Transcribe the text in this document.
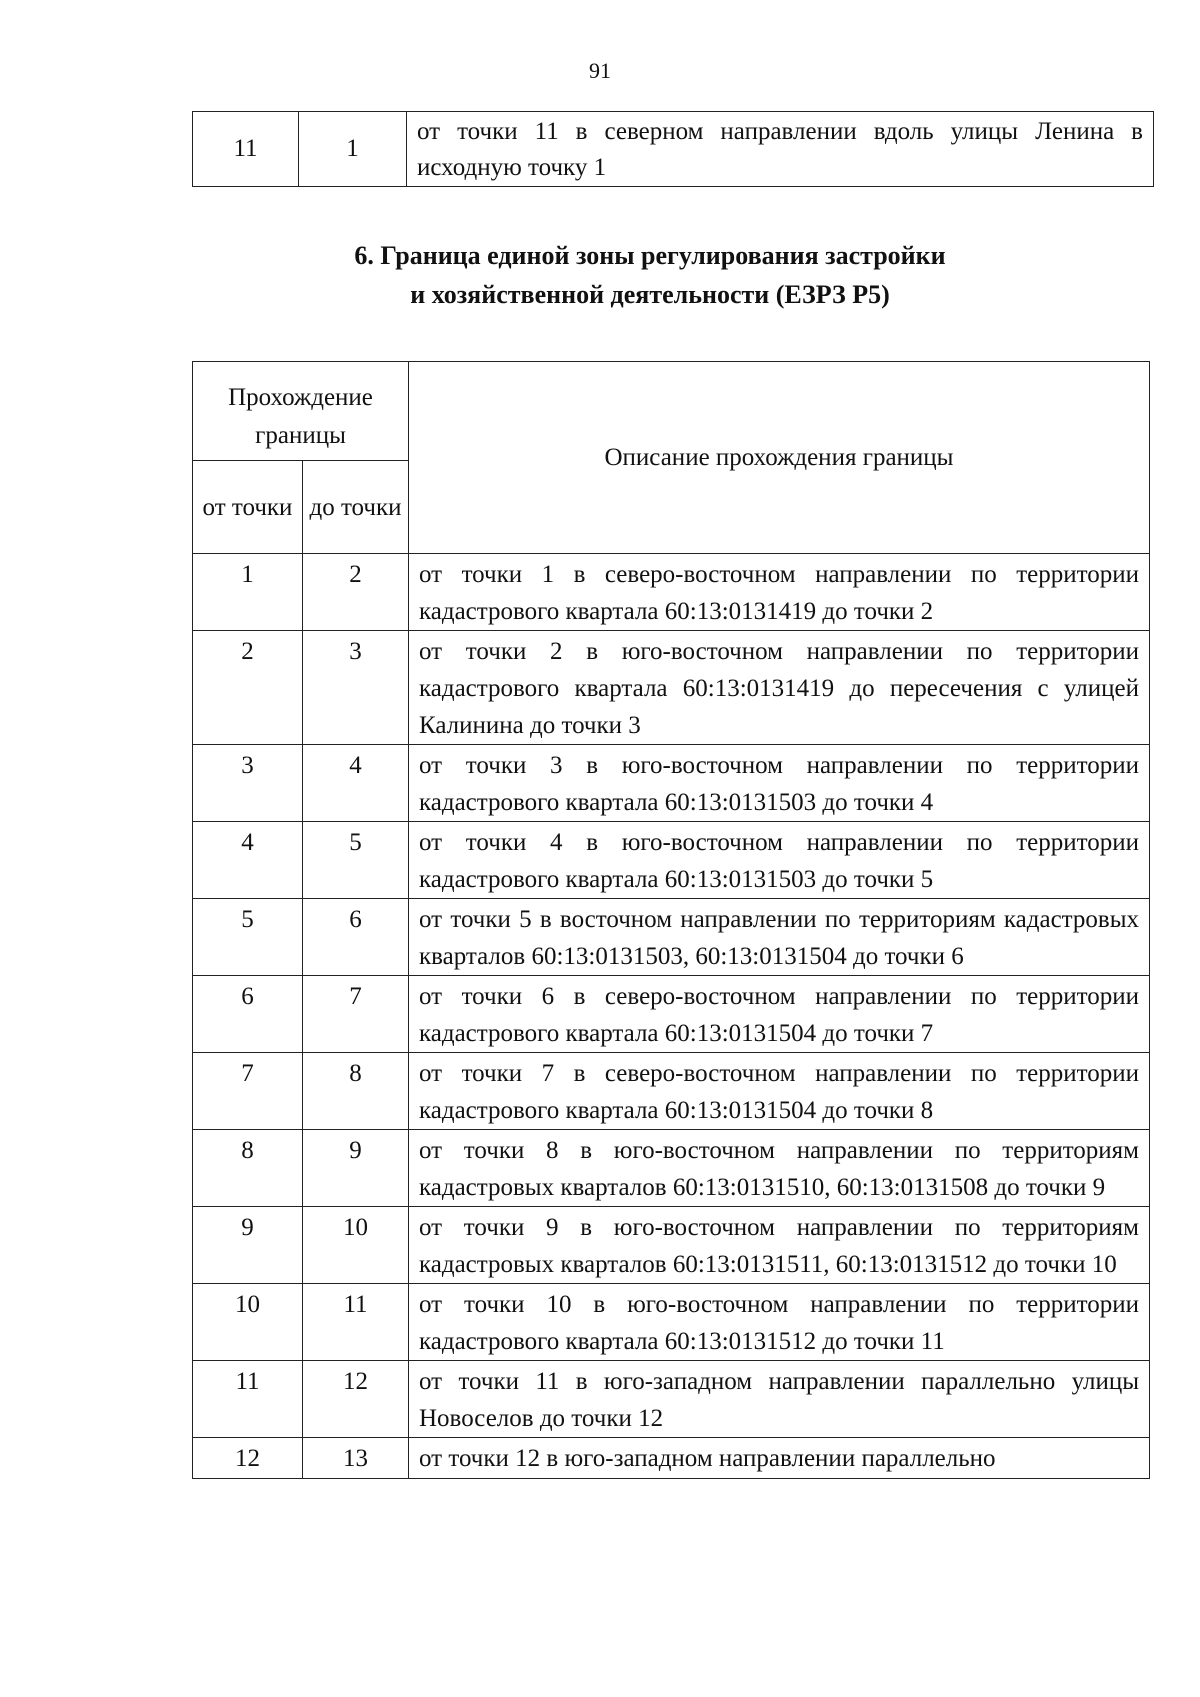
91
11	1	от точки 11 в северном направлении вдоль улицы Ленина в исходную точку 1
6. Граница единой зоны регулирования застройки
и хозяйственной деятельности (ЕЗРЗ Р5)
Прохождение границы		Описание прохождения границы
от точки	до точки	
1	2	от точки 1 в северо-восточном направлении по территории кадастрового квартала 60:13:0131419 до точки 2
2	3	от точки 2 в юго-восточном направлении по территории кадастрового квартала 60:13:0131419 до пересечения с улицей Калинина до точки 3
3	4	от точки 3 в юго-восточном направлении по территории кадастрового квартала 60:13:0131503 до точки 4
4	5	от точки 4 в юго-восточном направлении по территории кадастрового квартала 60:13:0131503 до точки 5
5	6	от точки 5 в восточном направлении по территориям кадастровых кварталов 60:13:0131503, 60:13:0131504 до точки 6
6	7	от точки 6 в северо-восточном направлении по территории кадастрового квартала 60:13:0131504 до точки 7
7	8	от точки 7 в северо-восточном направлении по территории кадастрового квартала 60:13:0131504 до точки 8
8	9	от точки 8 в юго-восточном направлении по территориям кадастровых кварталов 60:13:0131510, 60:13:0131508 до точки 9
9	10	от точки 9 в юго-восточном направлении по территориям кадастровых кварталов 60:13:0131511, 60:13:0131512 до точки 10
10	11	от точки 10 в юго-восточном направлении по территории кадастрового квартала 60:13:0131512 до точки 11
11	12	от точки 11 в юго-западном направлении параллельно улицы Новоселов до точки 12
12	13	от точки 12 в юго-западном направлении параллельно
